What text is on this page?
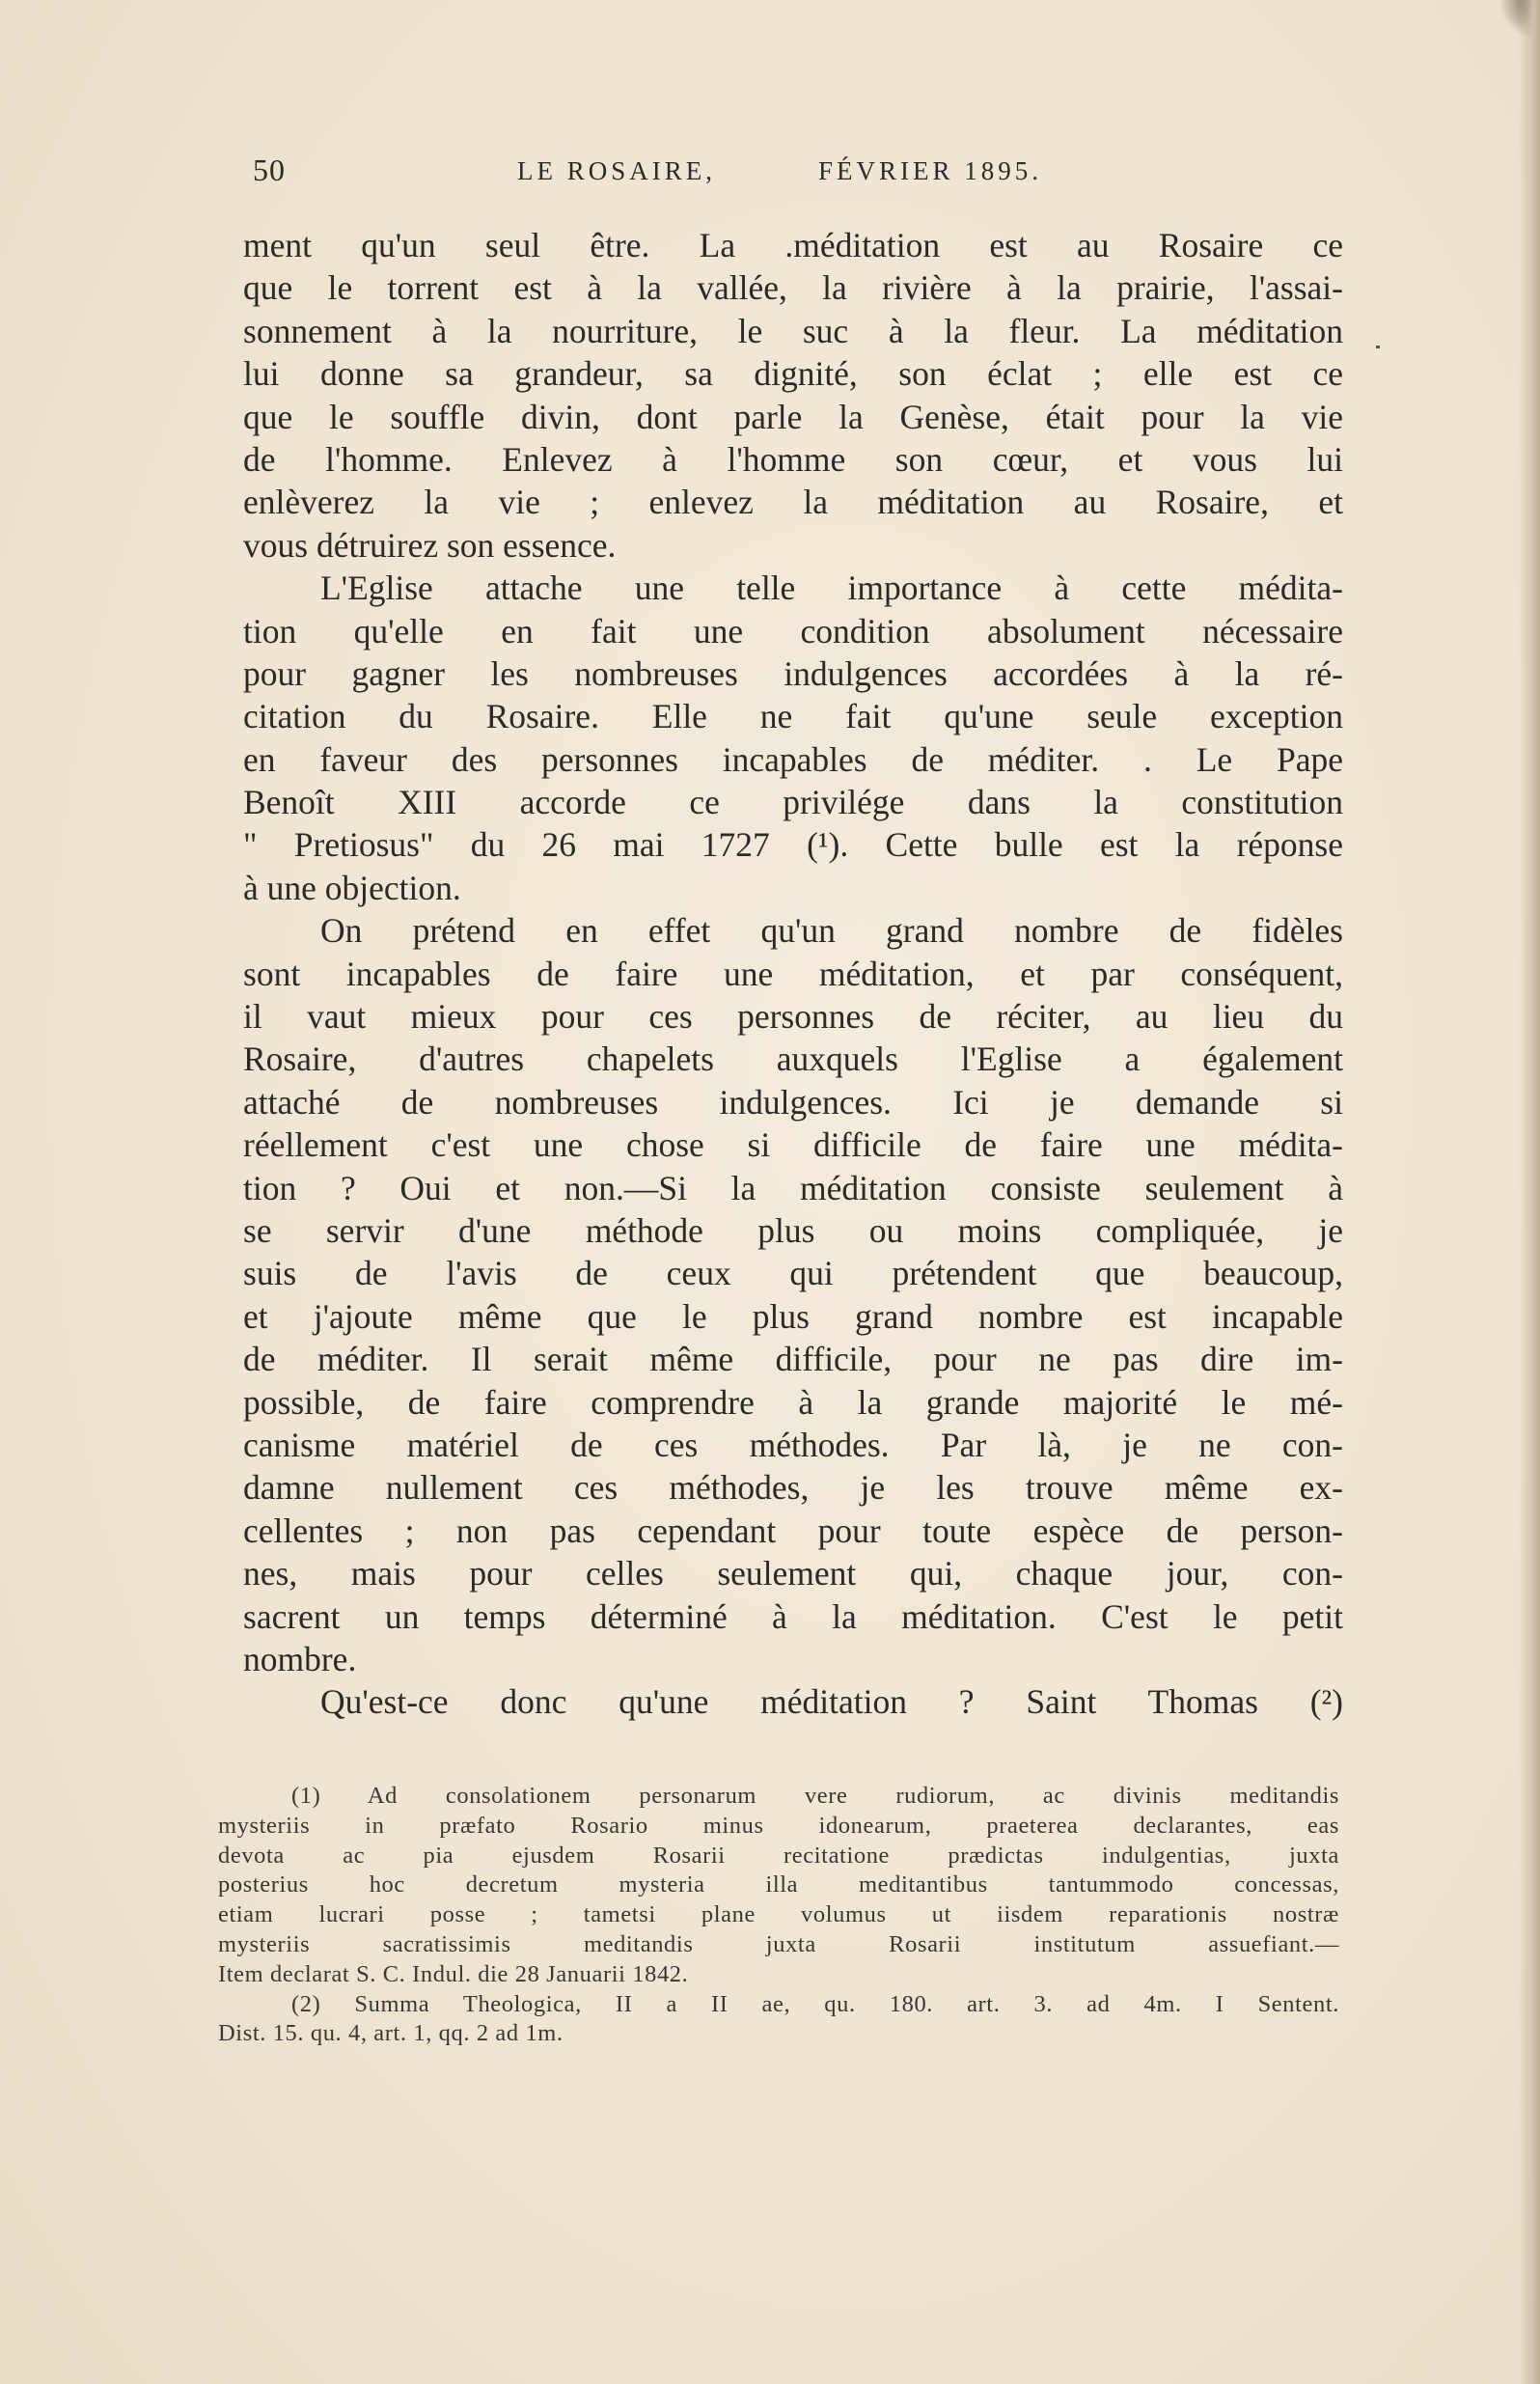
50	LE ROSAIRE,	FÉVRIER 1895.
ment qu'un seul être. La .méditation est au Rosaire ce
que le torrent est à la vallée, la rivière à la prairie, l'assai-
sonnement à la nourriture, le suc à la fleur. La méditation
lui donne sa grandeur, sa dignité, son éclat ; elle est ce
que le souffle divin, dont parle la Genèse, était pour la vie
de l'homme. Enlevez à l'homme son cœur, et vous lui
enlèverez la vie ; enlevez la méditation au Rosaire, et
vous détruirez son essence.
L'Eglise attache une telle importance à cette médita-
tion qu'elle en fait une condition absolument nécessaire
pour gagner les nombreuses indulgences accordées à la ré-
citation du Rosaire. Elle ne fait qu'une seule exception
en faveur des personnes incapables de méditer. . Le Pape
Benoît XIII accorde ce privilége dans la constitution
" Pretiosus" du 26 mai 1727 (¹). Cette bulle est la réponse
à une objection.
On prétend en effet qu'un grand nombre de fidèles
sont incapables de faire une méditation, et par conséquent,
il vaut mieux pour ces personnes de réciter, au lieu du
Rosaire, d'autres chapelets auxquels l'Eglise a également
attaché de nombreuses indulgences. Ici je demande si
réellement c'est une chose si difficile de faire une médita-
tion ? Oui et non.—Si la méditation consiste seulement à
se servir d'une méthode plus ou moins compliquée, je
suis de l'avis de ceux qui prétendent que beaucoup,
et j'ajoute même que le plus grand nombre est incapable
de méditer. Il serait même difficile, pour ne pas dire im-
possible, de faire comprendre à la grande majorité le mé-
canisme matériel de ces méthodes. Par là, je ne con-
damne nullement ces méthodes, je les trouve même ex-
cellentes ; non pas cependant pour toute espèce de person-
nes, mais pour celles seulement qui, chaque jour, con-
sacrent un temps déterminé à la méditation. C'est le petit
nombre.
Qu'est-ce donc qu'une méditation ? Saint Thomas (²)
(1) Ad consolationem personarum vere rudiorum, ac divinis meditandis
mysteriis in præfato Rosario minus idonearum, praeterea declarantes, eas
devota ac pia ejusdem Rosarii recitatione prædictas indulgentias, juxta
posterius hoc decretum mysteria illa meditantibus tantummodo concessas,
etiam lucrari posse ; tametsi plane volumus ut iisdem reparationis nostræ
mysteriis sacratissimis meditandis juxta Rosarii institutum assuefiant.—
Item declarat S. C. Indul. die 28 Januarii 1842.
(2) Summa Theologica, II a II ae, qu. 180. art. 3. ad 4m. I Sentent.
Dist. 15. qu. 4, art. 1, qq. 2 ad 1m.
